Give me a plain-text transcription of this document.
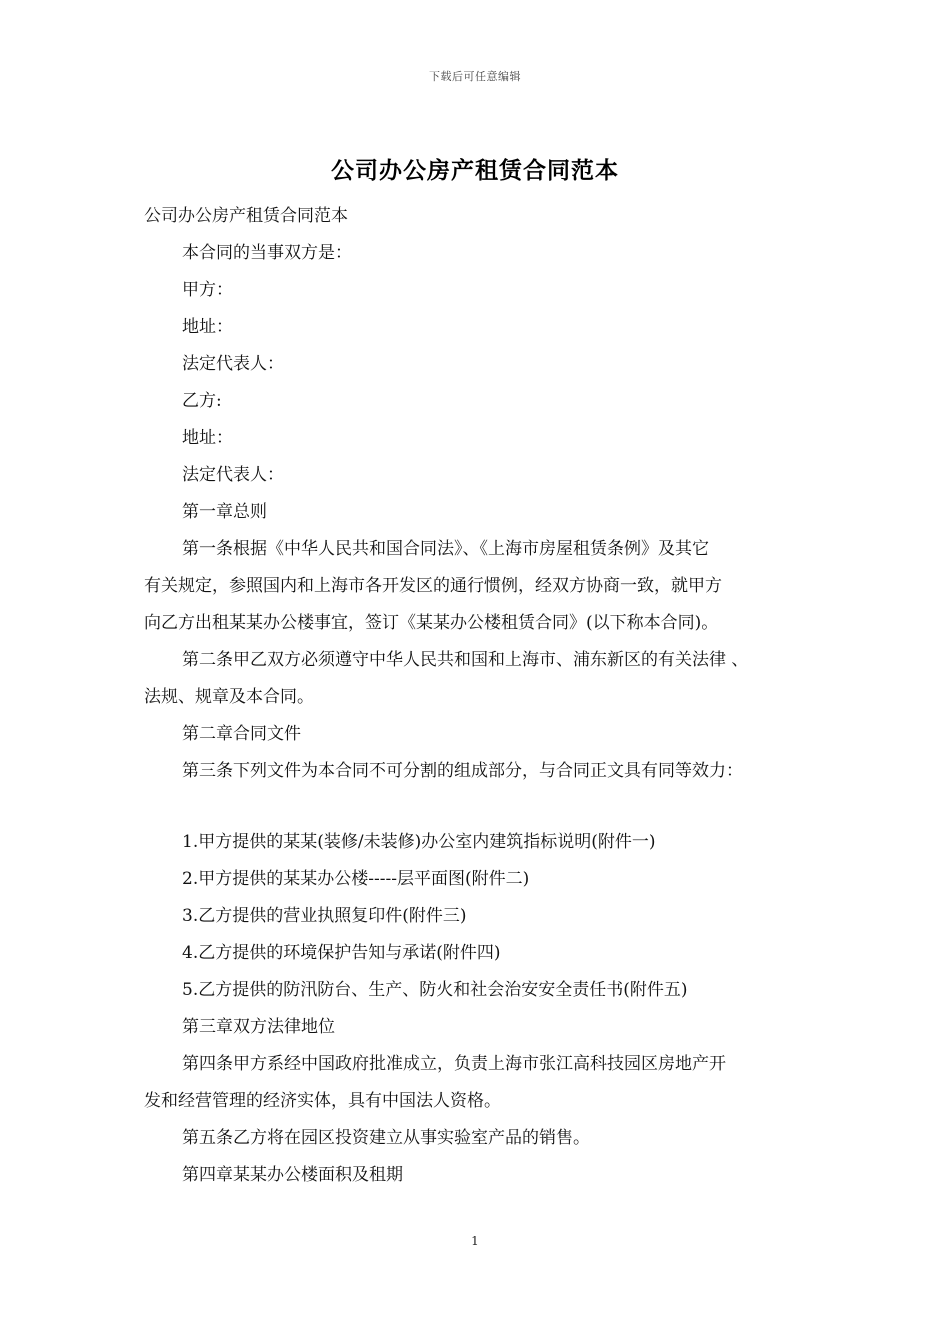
下载后可任意编辑
公司办公房产租赁合同范本

公司办公房产租赁合同范本

本合同的当事双方是：

甲方：

地址：

法定代表人：

乙方:

地址：

法定代表人：

第一章总则

第一条根据《中华人民共和国合同法》、《上海市房屋租赁条例》及其它
有关规定，参照国内和上海市各开发区的通行惯例，经双方协商一致，就甲方
向乙方出租某某办公楼事宜，签订《某某办公楼租赁合同》(以下称本合同)。

第二条甲乙双方必须遵守中华人民共和国和上海市、浦东新区的有关法律 、
法规、规章及本合同。

第二章合同文件

第三条下列文件为本合同不可分割的组成部分，与合同正文具有同等效力：

1.甲方提供的某某(装修/未装修)办公室内建筑指标说明(附件一)

2.甲方提供的某某办公楼-----层平面图(附件二)

3.乙方提供的营业执照复印件(附件三)

4.乙方提供的环境保护告知与承诺(附件四)

5.乙方提供的防汛防台、生产、防火和社会治安安全责任书(附件五)

第三章双方法律地位

第四条甲方系经中国政府批准成立，负责上海市张江高科技园区房地产开
发和经营管理的经济实体，具有中国法人资格。

第五条乙方将在园区投资建立从事实验室产品的销售。

第四章某某办公楼面积及租期

1
